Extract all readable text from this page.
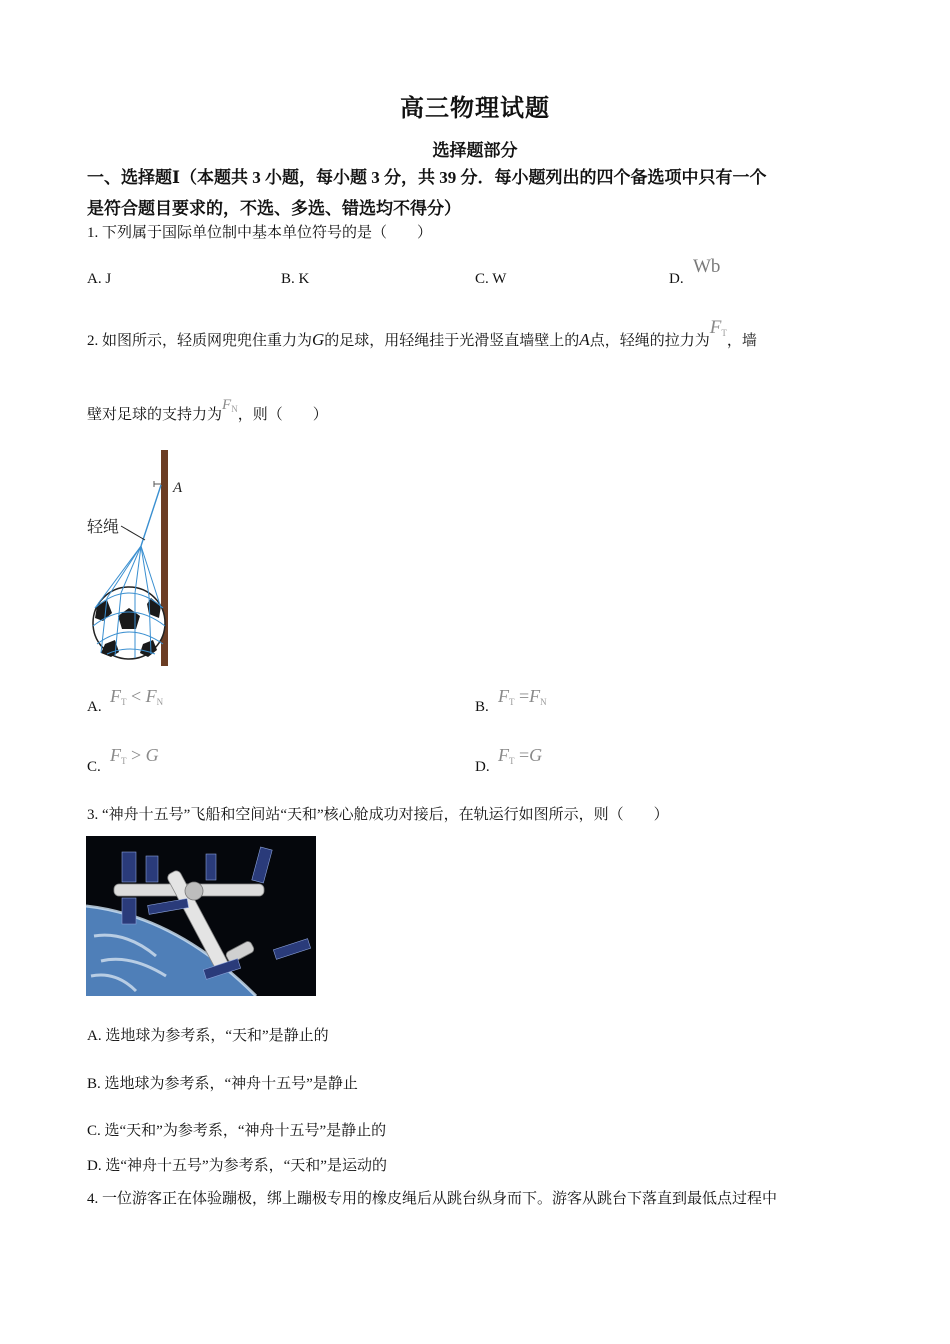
高三物理试题
选择题部分
一、选择题Ⅰ（本题共 3 小题，每小题 3 分，共 39 分．每小题列出的四个备选项中只有一个
是符合题目要求的，不选、多选、错选均不得分）
1. 下列属于国际单位制中基本单位符号的是（　　）
A. J	B. K	C. W	D.
Wb
2. 如图所示，轻质网兜兜住重力为G的足球，用轻绳挂于光滑竖直墙壁上的A点，轻绳的拉力为$F_T$，墙
壁对足球的支持力为$F_N$，则（　　）
A
轻绳
A.
$F_T < F_N$	B.
$F_T =F_N$
C.
$F_T > G$
D.
$F_T =G$
3. “神舟十五号”飞船和空间站“天和”核心舱成功对接后，在轨运行如图所示，则（　　）
A. 选地球为参考系，“天和”是静止的
B. 选地球为参考系，“神舟十五号”是静止
C. 选“天和”为参考系，“神舟十五号”是静止的
D. 选“神舟十五号”为参考系，“天和”是运动的
4. 一位游客正在体验蹦极，绑上蹦极专用的橡皮绳后从跳台纵身而下。游客从跳台下落直到最低点过程中
